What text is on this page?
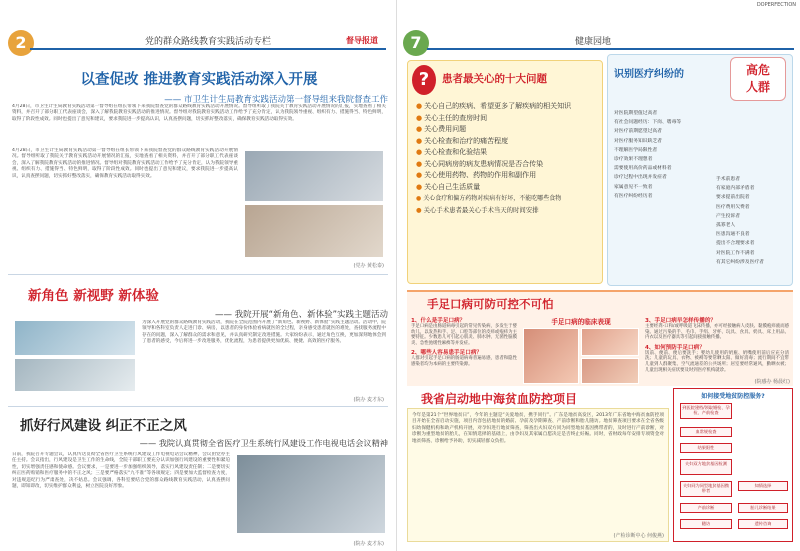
2	党的群众路线教育实践活动专栏	督导报道
以查促改 推进教育实践活动深入开展
—— 市卫生计生局教育实践活动第一督导组来我院督查工作
4月28日，市卫生计生局教育实践活动第一督导组在组长带领下来我院督查党的群众路线教育实践活动开展情况。督导组听取了我院关于教育实践活动开展情况的汇报，实地查看了相关资料，并召开了部分职工代表座谈会，深入了解我院教育实践活动的推进情况。督导组对我院教育实践活动工作给予了充分肯定，认为我院领导重视、组织有力、措施得当、特色鲜明，取得了阶段性成效。同时也提出了意见和建议，要求我院进一步提高认识，认真查摆问题，切实抓好整改落实，确保教育实践活动取得实效。
4月28日，市卫生计生局教育实践活动第一督导组在组长带领下来我院督查党的群众路线教育实践活动开展情况。督导组听取了我院关于教育实践活动开展情况的汇报，实地查看了相关资料，并召开了部分职工代表座谈会，深入了解我院教育实践活动的推进情况。督导组对我院教育实践活动工作给予了充分肯定，认为我院领导重视、组织有力、措施得当、特色鲜明，取得了阶段性成效。同时也提出了意见和建议，要求我院进一步提高认识，认真查摆问题，切实抓好整改落实，确保教育实践活动取得实效。
(党办 黄松泰)
新角色 新视野 新体验
—— 我院开展“新角色、新体验”实践主题活动
为深入开展党的群众路线教育实践活动，我院在全院范围内开展了“新角色、新视野、新体验”实践主题活动。活动中，院领导和各科室负责人走进门诊、病房，以患者的身份体验看病就医的全过程，亲身感受患者就医的难处，查找服务流程中存在的问题，深入了解群众的需求和意见，并认真研究制定改进措施。大家纷纷表示，通过角色互换，更加深刻地体会到了患者的感受，今后将进一步改进服务，优化流程，为患者提供更加优质、便捷、高效的医疗服务。
(院办 麦才东)
抓好行风建设 纠正不正之风
—— 我院认真贯彻全省医疗卫生系统行风建设工作电视电话会议精神
日前，我院召开专题会议，认真传达贯彻全省医疗卫生系统行风建设工作电视电话会议精神，会议由党办主任主持。会议指出，行风建设是卫生工作的生命线，全院干部职工要充分认识加强行风建设的重要性和紧迫性，切实增强责任感和使命感。会议要求，一是要进一步加强组织领导，落实行风建设责任制；二是要切实纠正医药购销和医疗服务中的不正之风；三是要严格落实“九不准”等各项规定；四是要加大监督检查力度，对违规违纪行为严肃查处，决不姑息。会议强调，各科室要结合党的群众路线教育实践活动，认真查摆问题，即知即改，切实维护群众利益，树立医院良好形象。
(院办 麦才东)
DOPERFECTION
7	健康园地
?	患者最关心的十大问题
● 关心自己的疾病、希望更多了解疾病的相关知识
● 关心主任的查房时间
● 关心费用问题
● 关心检查和治疗的痛苦程度
● 关心检查和化验结果
● 关心同病房的病友患病情况是否合传染
● 关心使用药物、药物的作用和副作用
● 关心自己生活质量
● 关心食疗和偏方药物对疾病有好坏，不能吃哪些食物
● 关心手术患者最关心手术当天的时间安排
识别医疗纠纷的	高危
人群
对医院期望值过高者
有社会问题经历：下岗、嗜毒等
对医疗前期愿望过高者
对医疗服务知识缺乏者
不理解医学局限性者
诊疗效果不理想者
需要使用高价药品或材料者
诊疗过程中出现并发症者
家属意见不一致者
有医疗纠纷经历者
手术前患者
有家庭内部矛盾者
要求提前出院者
医疗费用欠费者
产生投诉者
孤寡老人
医患沟通不良者
提出不合理要求者
对医院工作不满者
有其它纠纷涉及医疗者
手足口病可防可控不可怕
1、什么是手足口病？
手足口病是由肠道病毒引起的常见传染病，多发生于婴幼儿，以发热和手、足、口腔等部位的皮疹或疱疹为主要特征。少数患儿可引起心肌炎、肺水肿、无菌性脑膜炎、急性弛缓性麻痹等并发症。
2、哪些人容易患手足口病？
人群对引起手足口病的肠道病毒普遍易感，患者和隐性感染者均为本病的主要传染源。
手足口病的临床表现	3、手足口病早怎样传播的？
主要经粪-口和/或呼吸道飞沫传播，亦可经接触病人皮肤、黏膜疱疹液而感染。通过污染的手、毛巾、手绢、牙杯、玩具、食具、奶具、床上用品、内衣以及医疗器具等引起间接接触传播。
4、如何预防手足口病？
饭前、便前、便后要洗手；婴幼儿使用的奶瓶、奶嘴使用前后应充分清洗；儿童的玩具、衣物、被褥等要常晒太阳、做好消毒；流行期间不宜带儿童到人群聚集、空气流通差的公共场所；居室要经常通风，勤晒衣被；儿童出现相关症状要及时到医疗机构就诊。
(院感办 杨晨红)
我省启动地中海贫血防控项目
今年是第21个“世界地贫日”，今年的主题是“关爱地贫，携手同行”。广东是地贫高发区，2013年广东省地中海贫血防控项目开始在全省启动实施，项目内容包括地贫的婚前、孕前及孕期筛查、产前诊断和胎儿随访。地贫筛查项目要求在全省各级妇幼保健机构和助产机构开展，对孕妇进行地贫筛查，筛查出夫妇双方同为同型地贫基因携带者的，及时进行产前诊断，对诊断为重型地贫的胎儿，在知情选择的基础上，由孕妇及其家属自愿决定是否终止妊娠。同时，省财政每年安排专项资金对地贫筛查、诊断给予补助，切实减轻群众负担。
(产检诊断中心 何俊燕)
如何接受地贫防控服务?
到医院建档/领取婚检、孕检、产前检查
血常规检查
结果阳性
夫妇双方地贫基因检测
夫妇同为同型地贫基因携带者
产前诊断	胎儿诊断结果
知情选择
遗传咨询
随访
